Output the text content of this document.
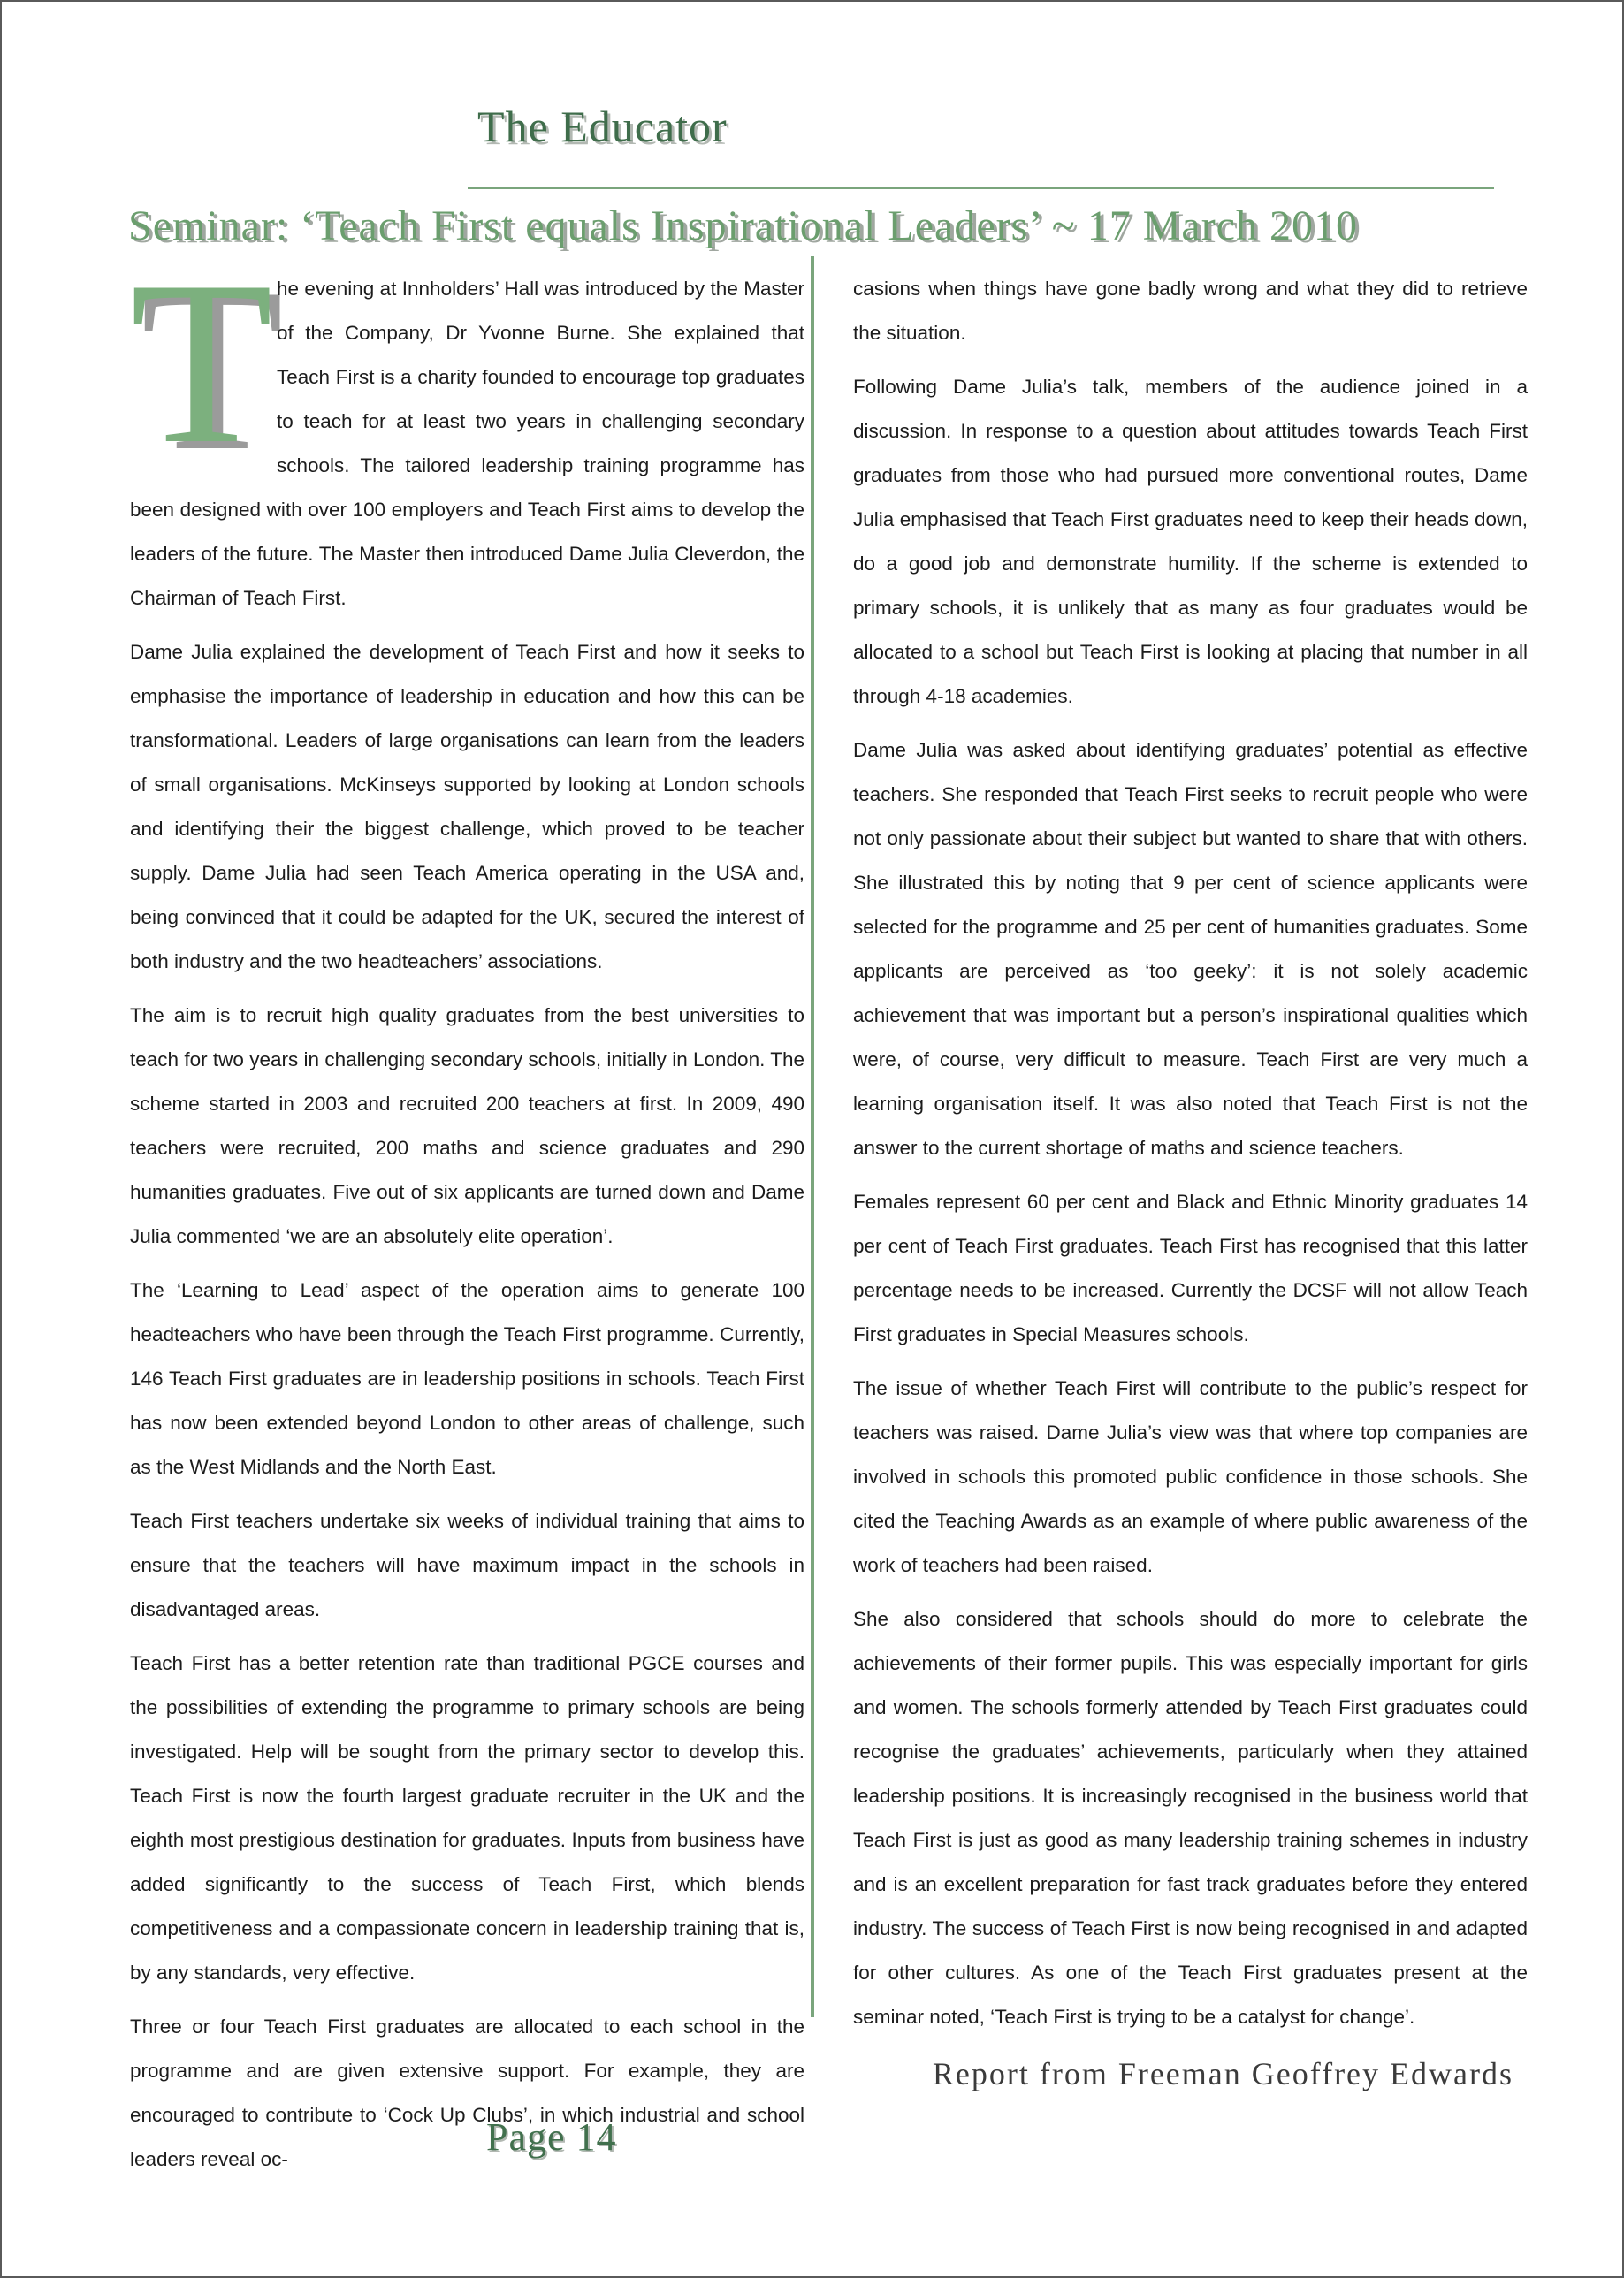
The Educator
Seminar: ‘Teach First equals Inspirational Leaders’ ~ 17 March 2010

The evening at Innholders’ Hall was introduced by the Master of the Company, Dr Yvonne Burne. She explained that Teach First is a charity founded to encourage top graduates to teach for at least two years in challenging secondary schools. The tailored leadership training programme has been designed with over 100 employers and Teach First aims to develop the leaders of the future. The Master then introduced Dame Julia Cleverdon, the Chairman of Teach First.

Dame Julia explained the development of Teach First and how it seeks to emphasise the importance of leadership in education and how this can be transformational. Leaders of large organisations can learn from the leaders of small organisations. McKinseys supported by looking at London schools and identifying their the biggest challenge, which proved to be teacher supply. Dame Julia had seen Teach America operating in the USA and, being convinced that it could be adapted for the UK, secured the interest of both industry and the two headteachers’ associations.

The aim is to recruit high quality graduates from the best universities to teach for two years in challenging secondary schools, initially in London. The scheme started in 2003 and recruited 200 teachers at first. In 2009, 490 teachers were recruited, 200 maths and science graduates and 290 humanities graduates. Five out of six applicants are turned down and Dame Julia commented ‘we are an absolutely elite operation’.

The ‘Learning to Lead’ aspect of the operation aims to generate 100 headteachers who have been through the Teach First programme. Currently, 146 Teach First graduates are in leadership positions in schools. Teach First has now been extended beyond London to other areas of challenge, such as the West Midlands and the North East.

Teach First teachers undertake six weeks of individual training that aims to ensure that the teachers will have maximum impact in the schools in disadvantaged areas.

Teach First has a better retention rate than traditional PGCE courses and the possibilities of extending the programme to primary schools are being investigated. Help will be sought from the primary sector to develop this. Teach First is now the fourth largest graduate recruiter in the UK and the eighth most prestigious destination for graduates. Inputs from business have added significantly to the success of Teach First, which blends competitiveness and a compassionate concern in leadership training that is, by any standards, very effective.

Three or four Teach First graduates are allocated to each school in the programme and are given extensive support. For example, they are encouraged to contribute to ‘Cock Up Clubs’, in which industrial and school leaders reveal oc-

casions when things have gone badly wrong and what they did to retrieve the situation.

Following Dame Julia’s talk, members of the audience joined in a discussion. In response to a question about attitudes towards Teach First graduates from those who had pursued more conventional routes, Dame Julia emphasised that Teach First graduates need to keep their heads down, do a good job and demonstrate humility. If the scheme is extended to primary schools, it is unlikely that as many as four graduates would be allocated to a school but Teach First is looking at placing that number in all through 4-18 academies.

Dame Julia was asked about identifying graduates’ potential as effective teachers. She responded that Teach First seeks to recruit people who were not only passionate about their subject but wanted to share that with others. She illustrated this by noting that 9 per cent of science applicants were selected for the programme and 25 per cent of humanities graduates. Some applicants are perceived as ‘too geeky’: it is not solely academic achievement that was important but a person’s inspirational qualities which were, of course, very difficult to measure. Teach First are very much a learning organisation itself. It was also noted that Teach First is not the answer to the current shortage of maths and science teachers.

Females represent 60 per cent and Black and Ethnic Minority graduates 14 per cent of Teach First graduates. Teach First has recognised that this latter percentage needs to be increased. Currently the DCSF will not allow Teach First graduates in Special Measures schools.

The issue of whether Teach First will contribute to the public’s respect for teachers was raised. Dame Julia’s view was that where top companies are involved in schools this promoted public confidence in those schools. She cited the Teaching Awards as an example of where public awareness of the work of teachers had been raised.

She also considered that schools should do more to celebrate the achievements of their former pupils. This was especially important for girls and women. The schools formerly attended by Teach First graduates could recognise the graduates’ achievements, particularly when they attained leadership positions. It is increasingly recognised in the business world that Teach First is just as good as many leadership training schemes in industry and is an excellent preparation for fast track graduates before they entered industry. The success of Teach First is now being recognised in and adapted for other cultures. As one of the Teach First graduates present at the seminar noted, ‘Teach First is trying to be a catalyst for change’.

Report from Freeman Geoffrey Edwards
Page 14
